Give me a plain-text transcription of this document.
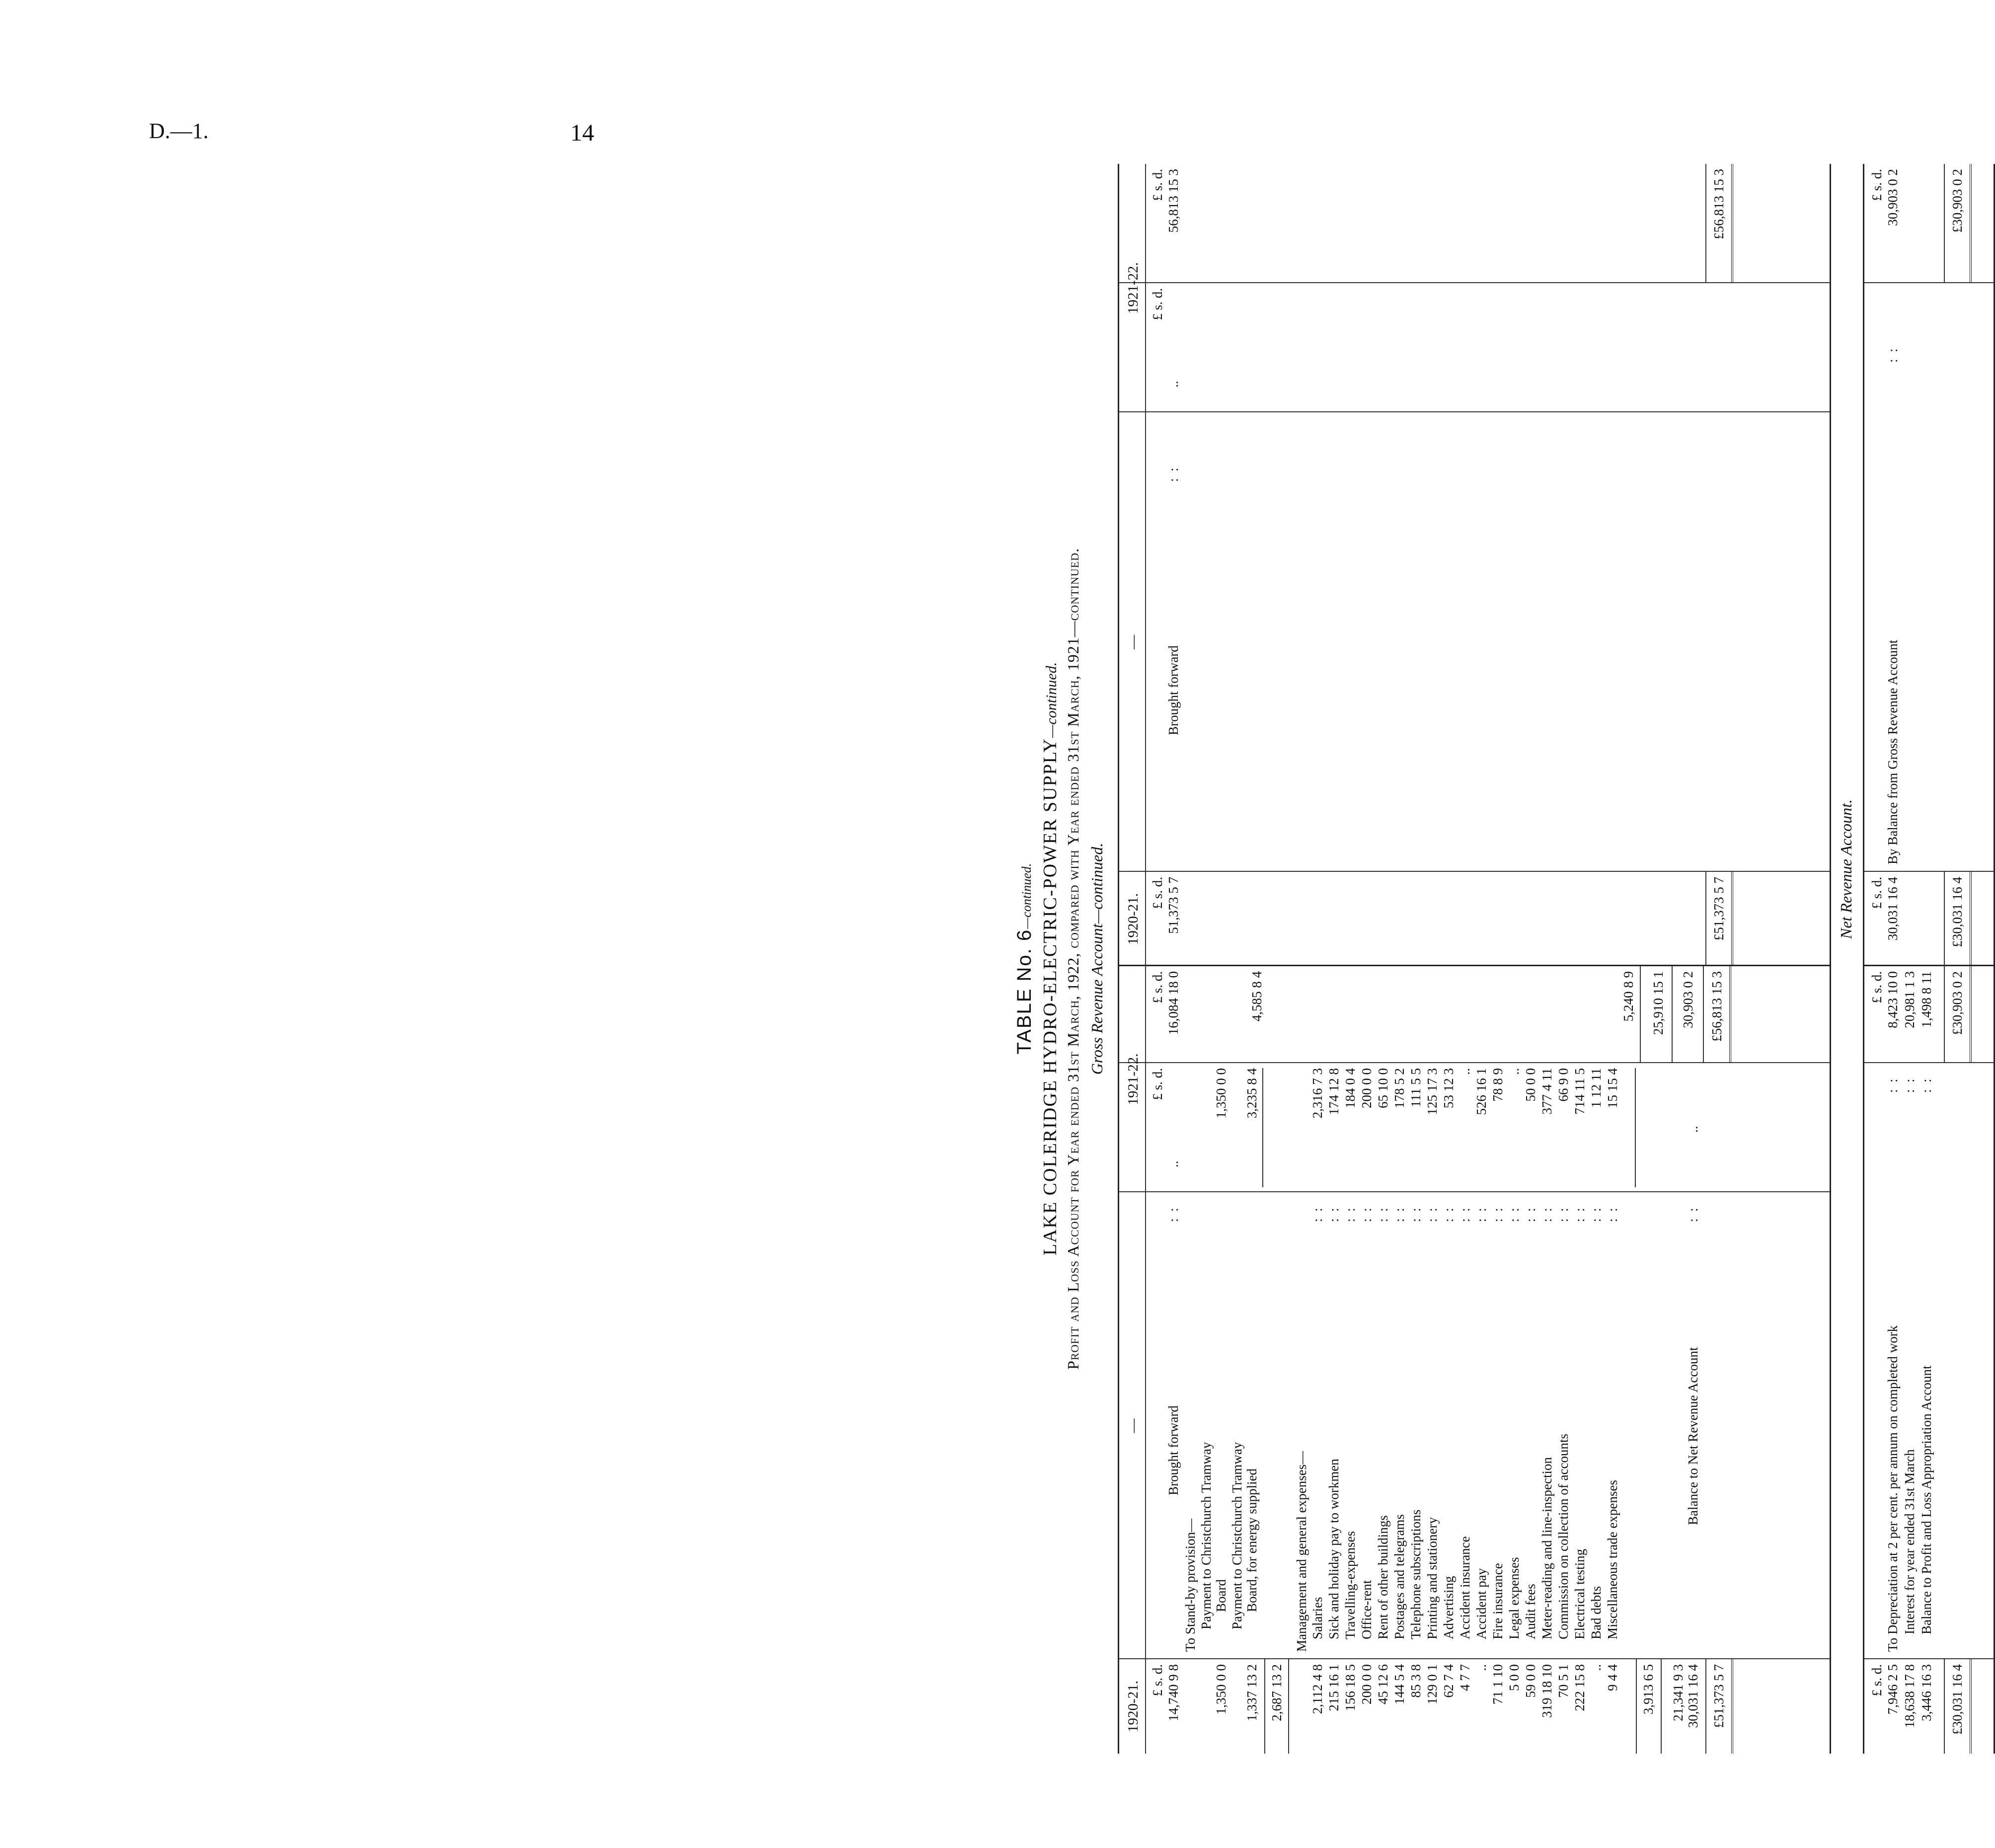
D.—1.	14
TABLE No. 6—continued. LAKE COLERIDGE HYDRO-ELECTRIC-POWER SUPPLY—continued. Profit and Loss Account for Year ended 31st March, 1922, compared with Year ended 31st March, 1921—continued. Gross Revenue Account—continued.
1920-21.
—
1921-22.
1920-21.
—
1921-22.
£ s. d.
£ s. d.
£ s. d.
£ s. d.
£ s. d.
£ s. d.
Brought forward
:  :
14,740 9 8
..
16,084 18 0
To Stand-by provision— Payment to Christchurch Tramway Board
1,350 0 0
1,350 0 0
Payment to Christchurch Tramway Board, for energy supplied
1,337 13 2
3,235 8 4
4,585 8 4
2,687 13 2
Management and general expenses— Salaries
:  :
2,112 4 8
2,316 7 3
Sick and holiday pay to workmen
:  :
215 16 1
174 12 8
Travelling-expenses
:  :
156 18 5
184 0 4
Office-rent
:  :
200 0 0
200 0 0
Rent of other buildings
:  :
45 12 6
65 10 0
Postages and telegrams
:  :
144 5 4
178 5 2
Telephone subscriptions
:  :
85 3 8
111 5 5
Printing and stationery
:  :
129 0 1
125 17 3
Advertising
:  :
62 7 4
53 12 3
Accident insurance
:  :
4 7 7
..
Accident pay
:  :
..
526 16 1
Fire insurance
:  :
71 1 10
78 8 9
Legal expenses
:  :
5 0 0
..
Audit fees
:  :
59 0 0
50 0 0
Meter-reading and line-inspection
:  :
319 18 10
377 4 11
Commission on collection of accounts
:  :
70 5 1
66 9 0
Electrical testing
:  :
222 15 8
714 11 5
Bad debts
:  :
..
1 12 11
Miscellaneous trade expenses
:  :
9 4 4
15 15 4
5,240 8 9
3,913 6 5 21,341 9 3
25,910 15 1
Balance to Net Revenue Account
:  :
30,031 16 4
..
30,903 0 2
£51,373 5 7
£56,813 15 3
Brought forward
:  :
51,373 5 7
..
56,813 15 3
£51,373 5 7
£56,813 15 3
Net Revenue Account.
£ s. d.
£ s. d.
£ s. d.
£ s. d.
To Depreciation at 2 per cent. per annum on completed work
:  :
7,946 2 5
8,423 10 0
Interest for year ended 31st March
:  :
18,638 17 8
20,981 1 3
Balance to Profit and Loss Appropriation Account
:  :
3,446 16 3
1,498 8 11
By Balance from Gross Revenue Account
:  :
30,031 16 4
30,903 0 2
£30,031 16 4
£30,903 0 2
£30,031 16 4
£30,903 0 2
